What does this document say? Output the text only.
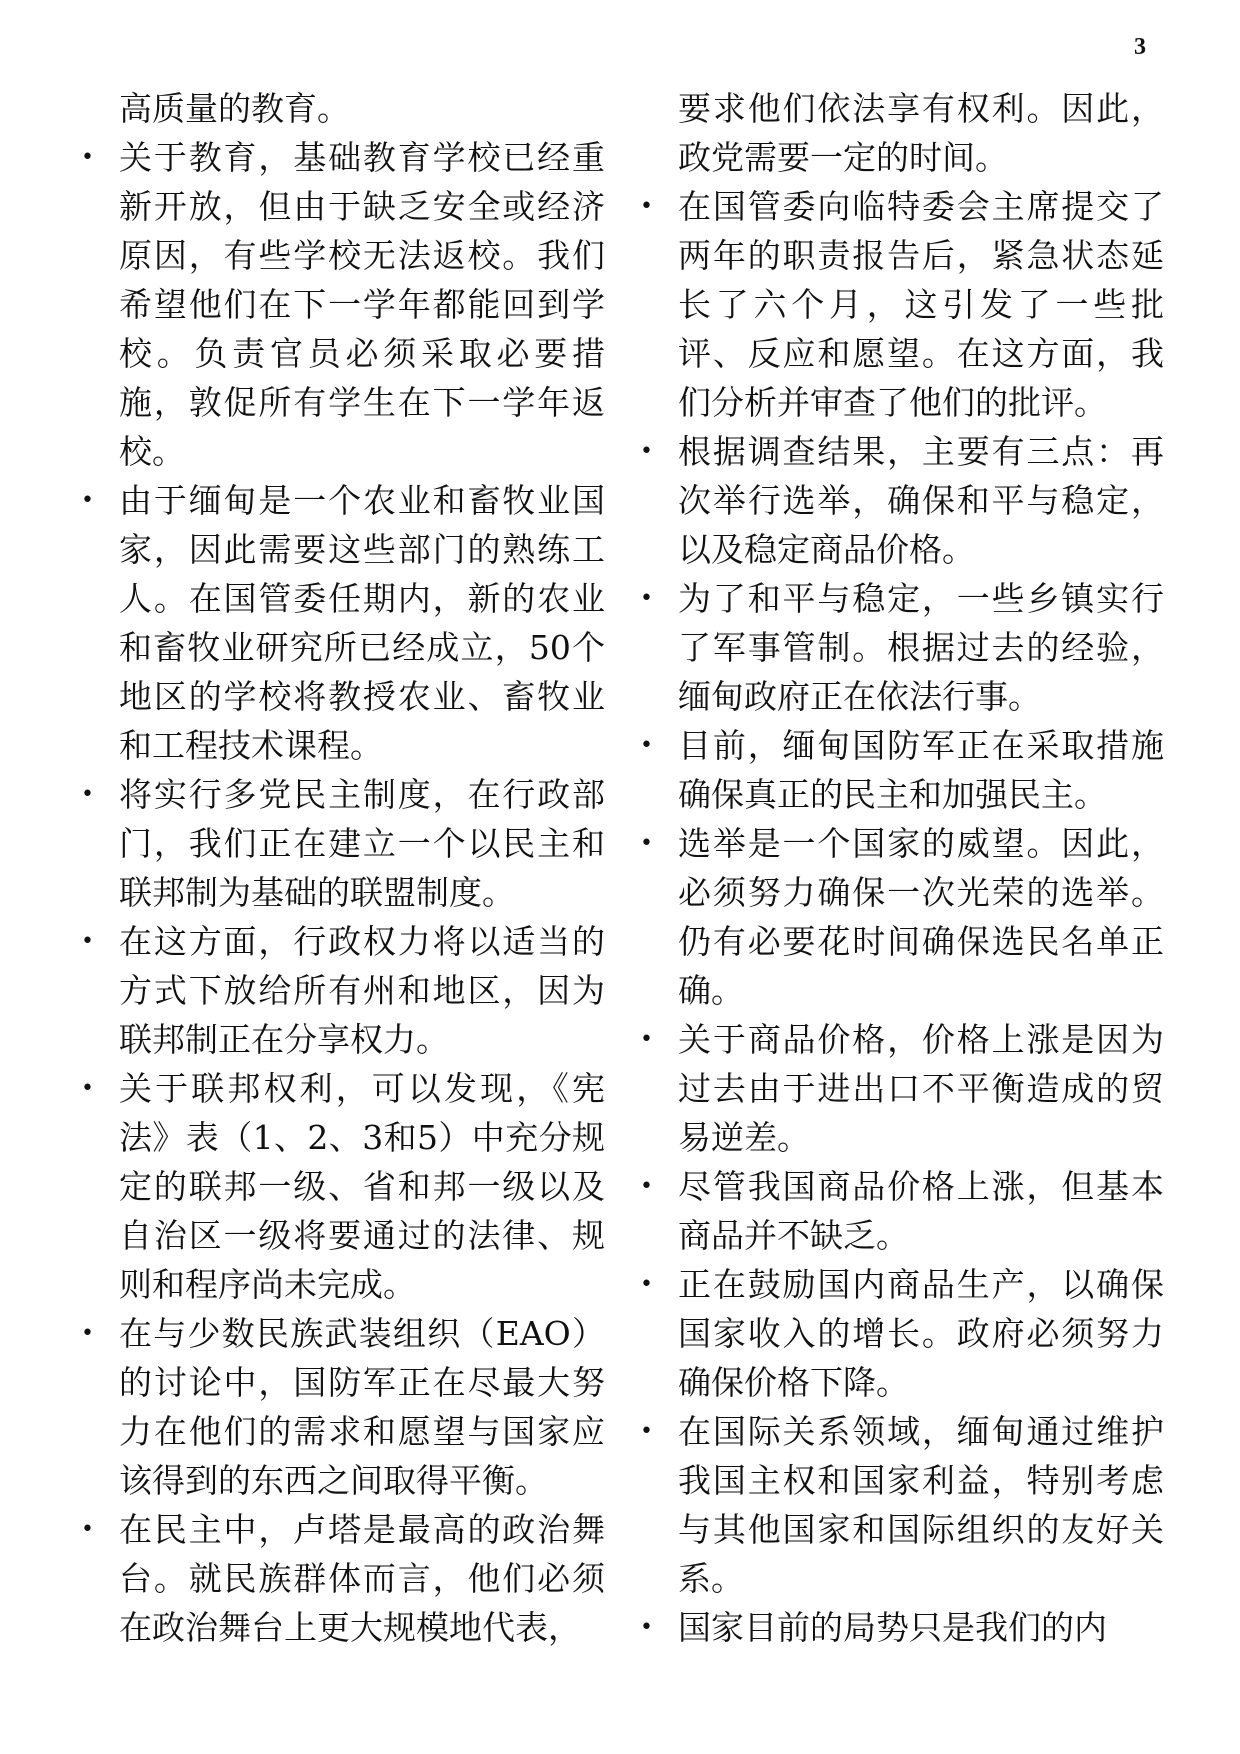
3

高质量的教育。

• 关于教育，基础教育学校已经重新开放，但由于缺乏安全或经济原因，有些学校无法返校。我们希望他们在下一学年都能回到学校。负责官员必须采取必要措施，敦促所有学生在下一学年返校。

• 由于缅甸是一个农业和畜牧业国家，因此需要这些部门的熟练工人。在国管委任期内，新的农业和畜牧业研究所已经成立，50个地区的学校将教授农业、畜牧业和工程技术课程。

• 将实行多党民主制度，在行政部门，我们正在建立一个以民主和联邦制为基础的联盟制度。

• 在这方面，行政权力将以适当的方式下放给所有州和地区，因为联邦制正在分享权力。

• 关于联邦权利，可以发现，《宪法》表（1、2、3和5）中充分规定的联邦一级、省和邦一级以及自治区一级将要通过的法律、规则和程序尚未完成。

• 在与少数民族武装组织（EAO）的讨论中，国防军正在尽最大努力在他们的需求和愿望与国家应该得到的东西之间取得平衡。

• 在民主中，卢塔是最高的政治舞台。就民族群体而言，他们必须在政治舞台上更大规模地代表，

要求他们依法享有权利。因此，政党需要一定的时间。

• 在国管委向临特委会主席提交了两年的职责报告后，紧急状态延长了六个月，这引发了一些批评、反应和愿望。在这方面，我们分析并审查了他们的批评。

• 根据调查结果，主要有三点：再次举行选举，确保和平与稳定，以及稳定商品价格。

• 为了和平与稳定，一些乡镇实行了军事管制。根据过去的经验，缅甸政府正在依法行事。

• 目前，缅甸国防军正在采取措施确保真正的民主和加强民主。

• 选举是一个国家的威望。因此，必须努力确保一次光荣的选举。仍有必要花时间确保选民名单正确。

• 关于商品价格，价格上涨是因为过去由于进出口不平衡造成的贸易逆差。

• 尽管我国商品价格上涨，但基本商品并不缺乏。

• 正在鼓励国内商品生产，以确保国家收入的增长。政府必须努力确保价格下降。

• 在国际关系领域，缅甸通过维护我国主权和国家利益，特别考虑与其他国家和国际组织的友好关系。

• 国家目前的局势只是我们的内
